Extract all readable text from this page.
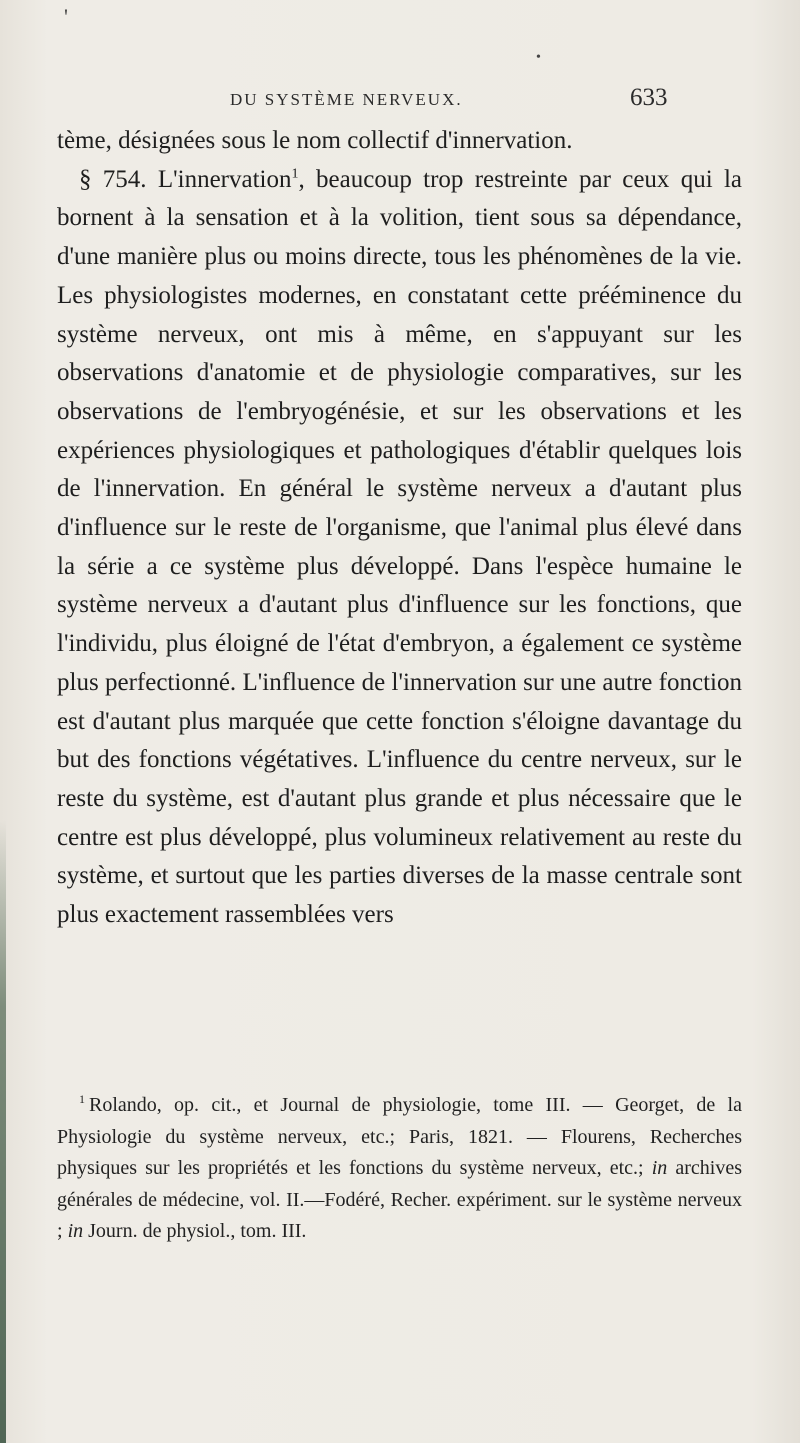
'
•
DU SYSTÈME NERVEUX.	633

tème, désignées sous le nom collectif d'innervation.

§ 754. L'innervation$^1$, beaucoup trop restreinte par ceux qui la bornent à la sensation et à la volition, tient sous sa dépendance, d'une manière plus ou moins directe, tous les phénomènes de la vie. Les physiologistes modernes, en constatant cette prééminence du système nerveux, ont mis à même, en s'appuyant sur les observations d'anatomie et de physiologie comparatives, sur les observations de l'embryogénésie, et sur les observations et les expériences physiologiques et pathologiques d'établir quelques lois de l'innervation. En général le système nerveux a d'autant plus d'influence sur le reste de l'organisme, que l'animal plus élevé dans la série a ce système plus développé. Dans l'espèce humaine le système nerveux a d'autant plus d'influence sur les fonctions, que l'individu, plus éloigné de l'état d'embryon, a également ce système plus perfectionné. L'influence de l'innervation sur une autre fonction est d'autant plus marquée que cette fonction s'éloigne davantage du but des fonctions végétatives. L'influence du centre nerveux, sur le reste du système, est d'autant plus grande et plus nécessaire que le centre est plus développé, plus volumineux relativement au reste du système, et surtout que les parties diverses de la masse centrale sont plus exactement rassemblées vers

$^1$ Rolando, op. cit., et Journal de physiologie, tome III. — Georget, de la Physiologie du système nerveux, etc.; Paris, 1821. — Flourens, Recherches physiques sur les propriétés et les fonctions du système nerveux, etc.; in archives générales de médecine, vol. II.—Fodéré, Recher. expériment. sur le système nerveux ; in Journ. de physiol., tom. III.
